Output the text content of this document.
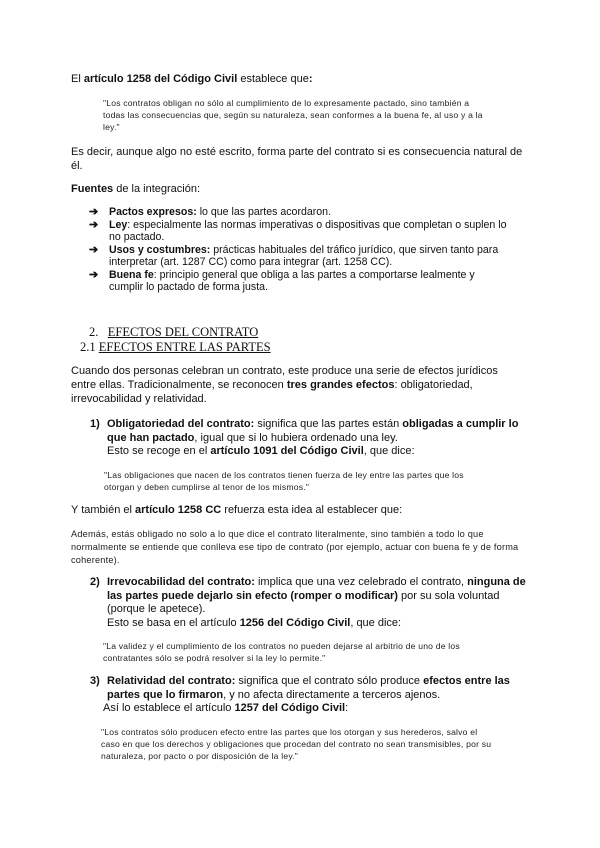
El artículo 1258 del Código Civil establece que:

"Los contratos obligan no sólo al cumplimiento de lo expresamente pactado, sino también a todas las consecuencias que, según su naturaleza, sean conformes a la buena fe, al uso y a la ley."

Es decir, aunque algo no esté escrito, forma parte del contrato si es consecuencia natural de él.

Fuentes de la integración:

➔ Pactos expresos: lo que las partes acordaron.
➔ Ley: especialmente las normas imperativas o dispositivas que completan o suplen lo no pactado.
➔ Usos y costumbres: prácticas habituales del tráfico jurídico, que sirven tanto para interpretar (art. 1287 CC) como para integrar (art. 1258 CC).
➔ Buena fe: principio general que obliga a las partes a comportarse lealmente y cumplir lo pactado de forma justa.

2. EFECTOS DEL CONTRATO

2.1 EFECTOS ENTRE LAS PARTES

Cuando dos personas celebran un contrato, este produce una serie de efectos jurídicos entre ellas. Tradicionalmente, se reconocen tres grandes efectos: obligatoriedad, irrevocabilidad y relatividad.

1) Obligatoriedad del contrato: significa que las partes están obligadas a cumplir lo que han pactado, igual que si lo hubiera ordenado una ley.

Esto se recoge en el artículo 1091 del Código Civil, que dice:

"Las obligaciones que nacen de los contratos tienen fuerza de ley entre las partes que los otorgan y deben cumplirse al tenor de los mismos."

Y también el artículo 1258 CC refuerza esta idea al establecer que:

Además, estás obligado no solo a lo que dice el contrato literalmente, sino también a todo lo que normalmente se entiende que conlleva ese tipo de contrato (por ejemplo, actuar con buena fe y de forma coherente).

2) Irrevocabilidad del contrato: implica que una vez celebrado el contrato, ninguna de las partes puede dejarlo sin efecto (romper o modificar) por su sola voluntad (porque le apetece).

Esto se basa en el artículo 1256 del Código Civil, que dice:

"La validez y el cumplimiento de los contratos no pueden dejarse al arbitrio de uno de los contratantes sólo se podrá resolver si la ley lo permite."

3) Relatividad del contrato: significa que el contrato sólo produce efectos entre las partes que lo firmaron, y no afecta directamente a terceros ajenos.

Así lo establece el artículo 1257 del Código Civil:

"Los contratos sólo producen efecto entre las partes que los otorgan y sus herederos, salvo el caso en que los derechos y obligaciones que procedan del contrato no sean transmisibles, por su naturaleza, por pacto o por disposición de la ley."
